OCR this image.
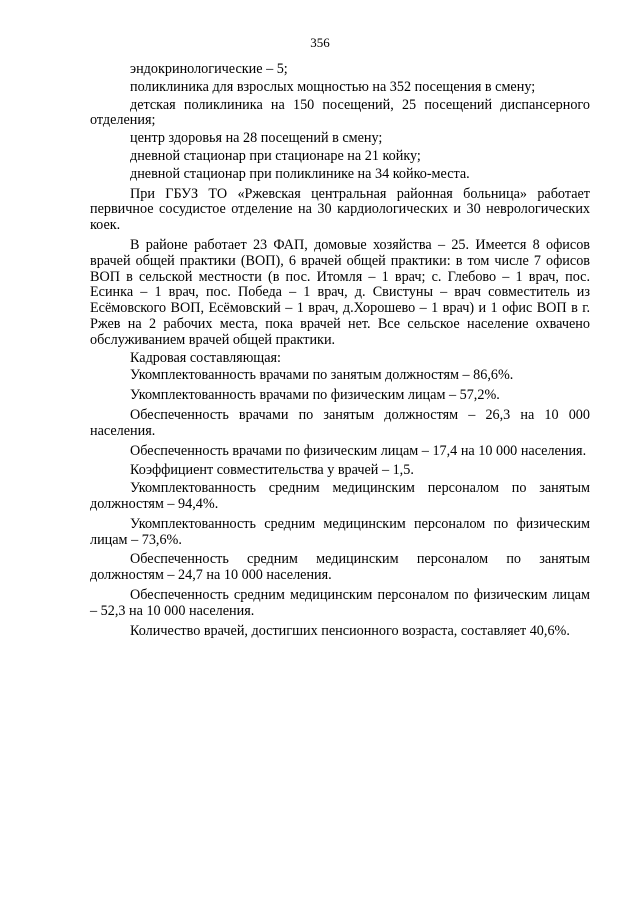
356

эндокринологические – 5;

поликлиника для взрослых мощностью на 352 посещения в смену;

детская поликлиника на 150 посещений, 25 посещений диспансерного отделения;

центр здоровья на 28 посещений в смену;

дневной стационар при стационаре на 21 койку;

дневной стационар при поликлинике на 34 койко-места.

При ГБУЗ ТО «Ржевская центральная районная больница» работает первичное сосудистое отделение на 30 кардиологических и 30 неврологических коек.

В районе работает 23 ФАП, домовые хозяйства – 25. Имеется 8 офисов врачей общей практики (ВОП), 6 врачей общей практики: в том числе 7 офисов ВОП в сельской местности (в пос. Итомля – 1 врач; с. Глебово – 1 врач, пос. Есинка – 1 врач, пос. Победа – 1 врач, д. Свистуны – врач совместитель из Есёмовского ВОП, Есёмовский – 1 врач, д.Хорошево – 1 врач) и 1 офис ВОП в г. Ржев на 2 рабочих места, пока врачей нет. Все сельское население охвачено обслуживанием врачей общей практики.

Кадровая составляющая:

Укомплектованность врачами по занятым должностям – 86,6%.

Укомплектованность врачами по физическим лицам – 57,2%.

Обеспеченность врачами по занятым должностям – 26,3 на 10 000 населения.

Обеспеченность врачами по физическим лицам – 17,4 на 10 000 населения.

Коэффициент совместительства у врачей – 1,5.

Укомплектованность средним медицинским персоналом по занятым должностям – 94,4%.

Укомплектованность средним медицинским персоналом по физическим лицам – 73,6%.

Обеспеченность средним медицинским персоналом по занятым должностям – 24,7 на 10 000 населения.

Обеспеченность средним медицинским персоналом по физическим лицам – 52,3 на 10 000 населения.

Количество врачей, достигших пенсионного возраста, составляет 40,6%.
